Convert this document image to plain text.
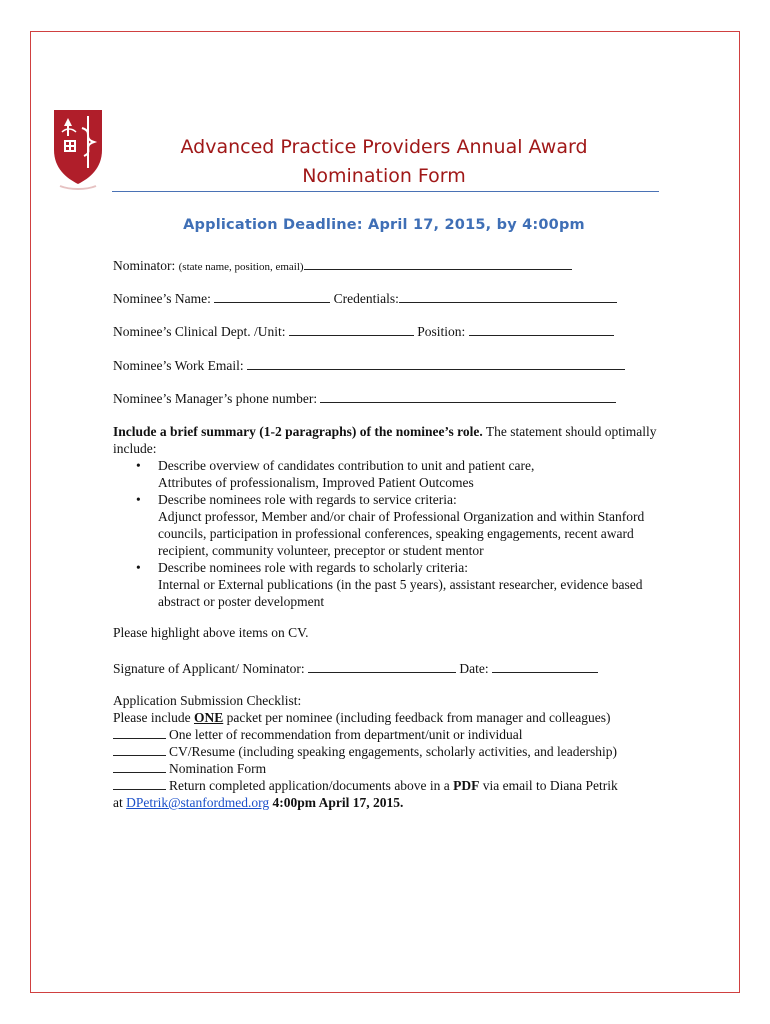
Advanced Practice Providers Annual Award
Nomination Form
Application Deadline: April 17, 2015, by 4:00pm
Nominator: (state name, position, email)
Nominee’s Name:	Credentials:
Nominee’s Clinical Dept. /Unit:	Position:
Nominee’s Work Email:
Nominee’s Manager’s phone number:
Include a brief summary (1-2 paragraphs) of the nominee’s role. The statement should optimally include:
• Describe overview of candidates contribution to unit and patient care,
Attributes of professionalism, Improved Patient Outcomes
• Describe nominees role with regards to service criteria:
Adjunct professor, Member and/or chair of Professional Organization and within Stanford councils, participation in professional conferences, speaking engagements, recent award recipient, community volunteer, preceptor or student mentor
• Describe nominees role with regards to scholarly criteria:
Internal or External publications (in the past 5 years), assistant researcher, evidence based abstract or poster development
Please highlight above items on CV.
Signature of Applicant/ Nominator:	Date:
Application Submission Checklist:
Please include ONE packet per nominee (including feedback from manager and colleagues)
One letter of recommendation from department/unit or individual
CV/Resume (including speaking engagements, scholarly activities, and leadership)
Nomination Form
Return completed application/documents above in a PDF via email to Diana Petrik
at DPetrik@stanfordmed.org 4:00pm April 17, 2015.
